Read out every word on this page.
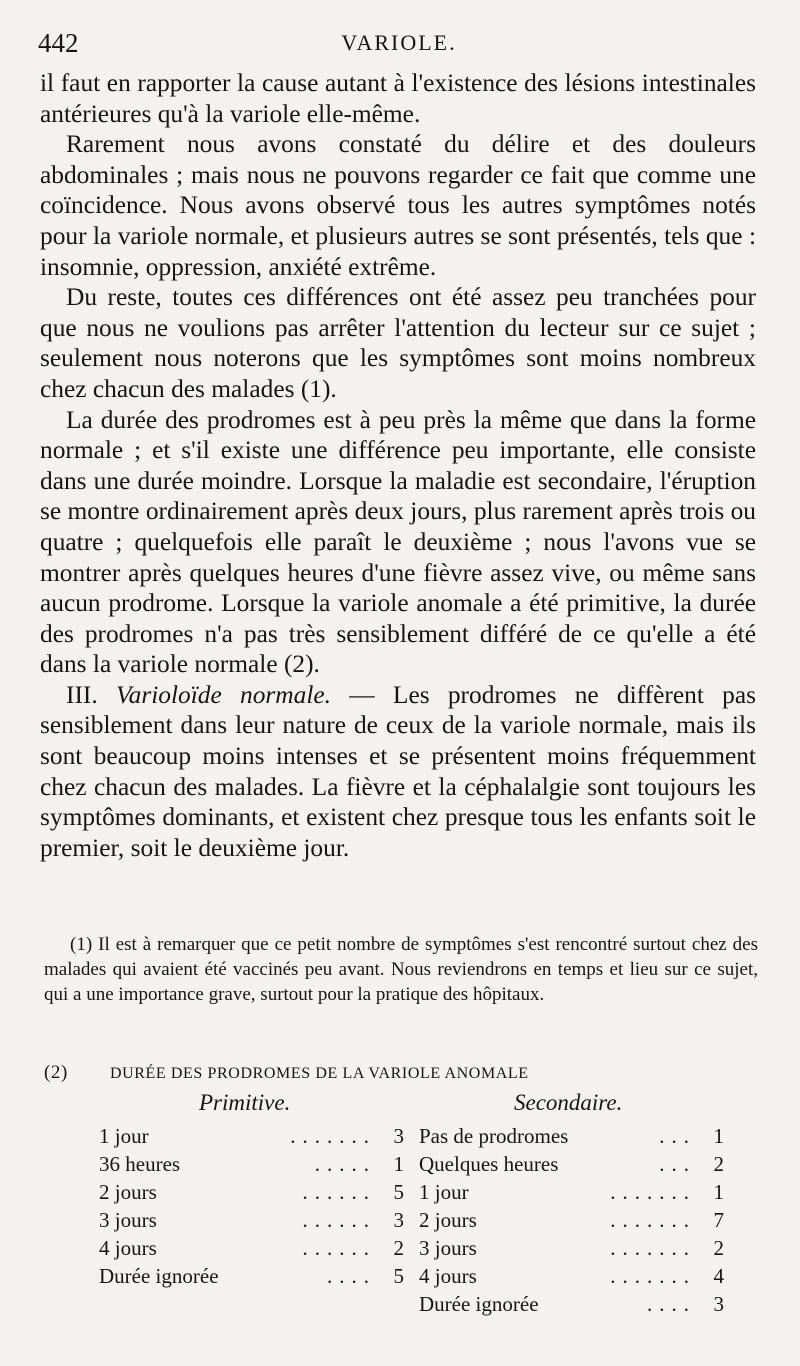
442	VARIOLE.

il faut en rapporter la cause autant à l'existence des lésions intestinales antérieures qu'à la variole elle-même.

Rarement nous avons constaté du délire et des douleurs abdominales ; mais nous ne pouvons regarder ce fait que comme une coïncidence. Nous avons observé tous les autres symptômes notés pour la variole normale, et plusieurs autres se sont présentés, tels que : insomnie, oppression, anxiété extrême.

Du reste, toutes ces différences ont été assez peu tranchées pour que nous ne voulions pas arrêter l'attention du lecteur sur ce sujet ; seulement nous noterons que les symptômes sont moins nombreux chez chacun des malades (1).

La durée des prodromes est à peu près la même que dans la forme normale ; et s'il existe une différence peu importante, elle consiste dans une durée moindre. Lorsque la maladie est secondaire, l'éruption se montre ordinairement après deux jours, plus rarement après trois ou quatre ; quelquefois elle paraît le deuxième ; nous l'avons vue se montrer après quelques heures d'une fièvre assez vive, ou même sans aucun prodrome. Lorsque la variole anomale a été primitive, la durée des prodromes n'a pas très sensiblement différé de ce qu'elle a été dans la variole normale (2).

III. Varioloïde normale. — Les prodromes ne diffèrent pas sensiblement dans leur nature de ceux de la variole normale, mais ils sont beaucoup moins intenses et se présentent moins fréquemment chez chacun des malades. La fièvre et la céphalalgie sont toujours les symptômes dominants, et existent chez presque tous les enfants soit le premier, soit le deuxième jour.

(1) Il est à remarquer que ce petit nombre de symptômes s'est rencontré surtout chez des malades qui avaient été vaccinés peu avant. Nous reviendrons en temps et lieu sur ce sujet, qui a une importance grave, surtout pour la pratique des hôpitaux.

(2)	DURÉE DES PRODROMES DE LA VARIOLE ANOMALE
Primitive.	Secondaire.
.......
1 jour	3
.....
36 heures	1
......
2 jours	5
......
3 jours	3
......
4 jours	2
....
Durée ignorée	5
...
Pas de prodromes	1
...
Quelques heures	2
.......
1 jour	1
.......
2 jours	7
.......
3 jours	2
.......
4 jours	4
....
Durée ignorée	3
